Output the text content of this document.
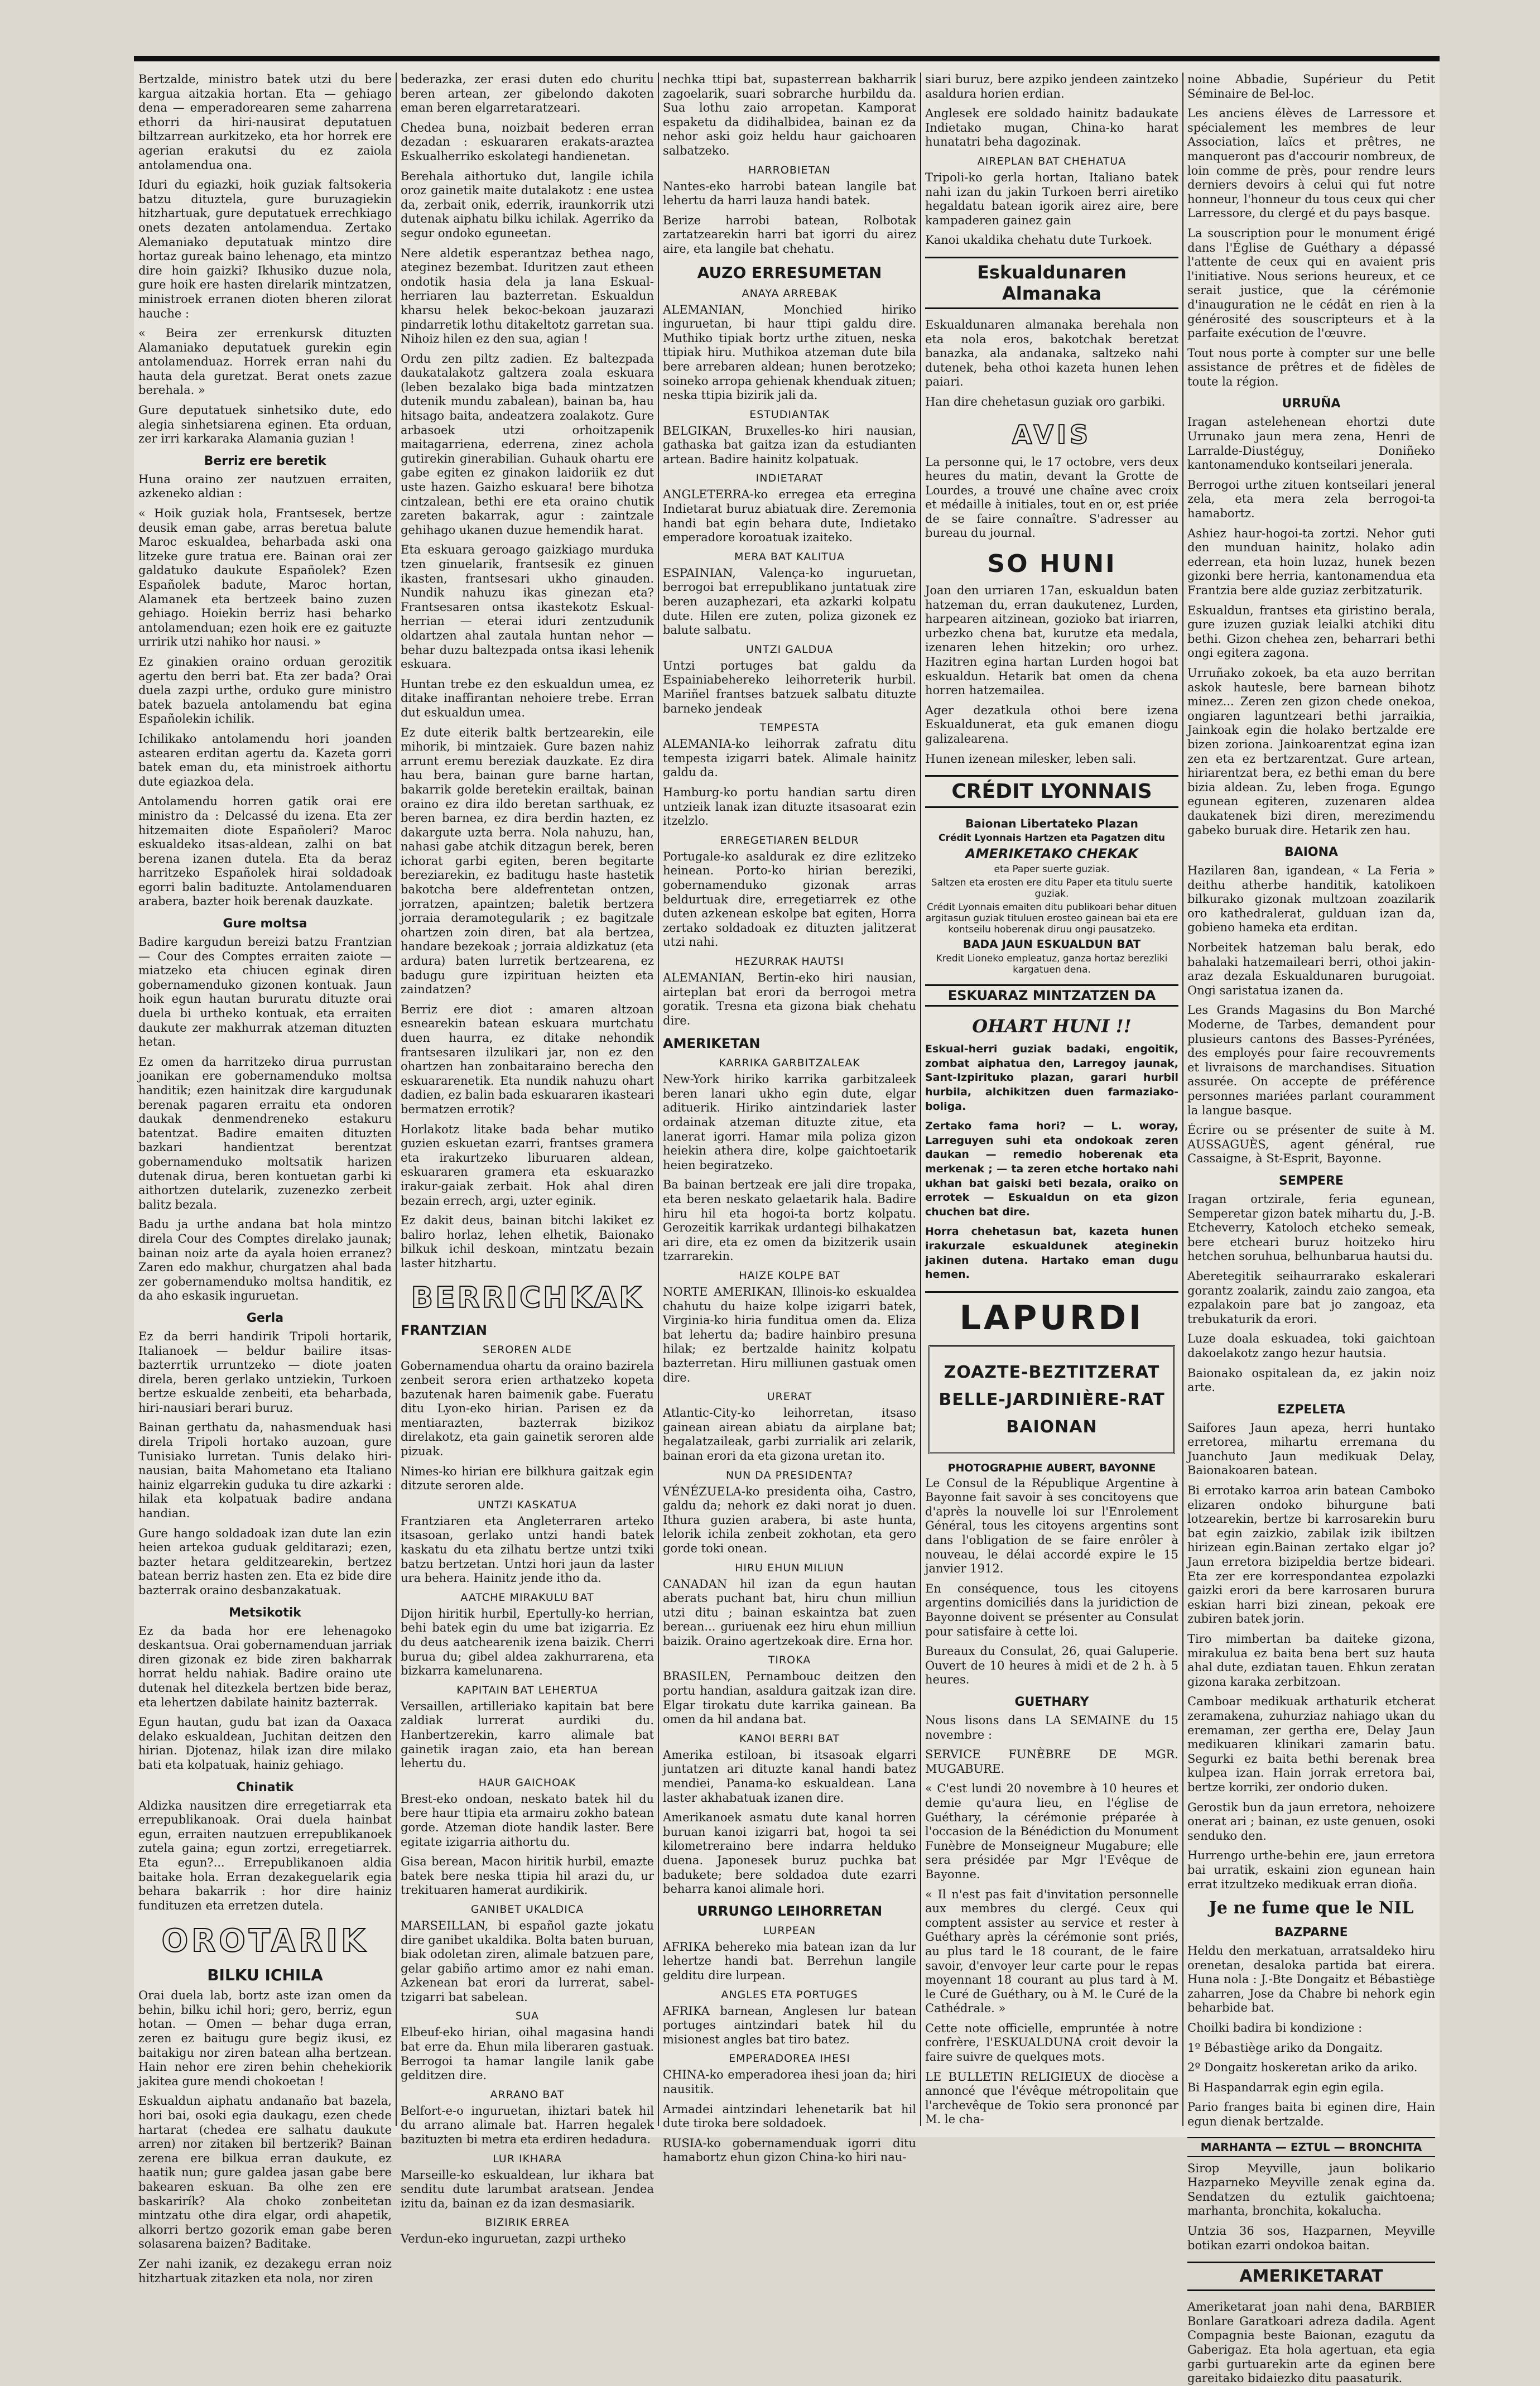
Bertzalde, ministro batek utzi du bere kargua aitzakia hortan. Eta — gehiago dena — emperadorearen seme zaharrena ethorri da hiri-nausirat deputatuen biltzarrean aurkitzeko, eta hor horrek ere agerian erakutsi du ez zaiola antolamendua ona.

Iduri du egiazki, hoik guziak faltsokeria batzu dituztela, gure buruzagiekin hitzhartuak, gure deputatuek errechkiago onets dezaten antolamendua. Zertako Alemaniako deputatuak mintzo dire hortaz gureak baino lehenago, eta mintzo dire hoin gaizki? Ikhusiko duzue nola, gure hoik ere hasten direlarik mintzatzen, ministroek erranen dioten bheren zilorat hauche :

« Beira zer errenkursk dituzten Alamaniako deputatuek gurekin egin antolamenduaz. Horrek erran nahi du hauta dela guretzat. Berat onets zazue berehala. »

Gure deputatuek sinhetsiko dute, edo alegia sinhetsiarena eginen. Eta orduan, zer irri karkaraka Alamania guzian !

Berriz ere beretik

Huna oraino zer nautzuen erraiten, azkeneko aldian :

« Hoik guziak hola, Frantsesek, bertze deusik eman gabe, arras beretua balute Maroc eskualdea, beharbada aski ona litzeke gure tratua ere. Bainan orai zer galdatuko daukute Españolek? Ezen Españolek badute, Maroc hortan, Alamanek eta bertzeek baino zuzen gehiago. Hoiekin berriz hasi beharko antolamenduan; ezen hoik ere ez gaituzte urririk utzi nahiko hor nausi. »

Ez ginakien oraino orduan gerozitik agertu den berri bat. Eta zer bada? Orai duela zazpi urthe, orduko gure ministro batek bazuela antolamendu bat egina Españolekin ichilik.

Ichilikako antolamendu hori joanden astearen erditan agertu da. Kazeta gorri batek eman du, eta ministroek aithortu dute egiazkoa dela.

Antolamendu horren gatik orai ere ministro da : Delcassé du izena. Eta zer hitzemaiten diote Españoleri? Maroc eskualdeko itsas-aldean, zalhi on bat berena izanen dutela. Eta da beraz harritzeko Españolek hirai soldadoak egorri balin badituzte. Antolamenduaren arabera, bazter hoik berenak dauzkate.

Gure moltsa

Badire kargudun bereizi batzu Frantzian — Cour des Comptes erraiten zaiote — miatzeko eta chiucen eginak diren gobernamenduko gizonen kontuak. Jaun hoik egun hautan bururatu dituzte orai duela bi urtheko kontuak, eta erraiten daukute zer makhurrak atzeman dituzten hetan.

Ez omen da harritzeko dirua purrustan joanikan ere gobernamenduko moltsa handitik; ezen hainitzak dire kargudunak berenak pagaren erraitu eta ondoren daukak denmendreneko estakuru batentzat. Badire emaiten dituzten bazkari handientzat berentzat gobernamenduko moltsatik harizen dutenak dirua, beren kontuetan garbi ki aithortzen dutelarik, zuzenezko zerbeit balitz bezala.

Badu ja urthe andana bat hola mintzo direla Cour des Comptes direlako jaunak; bainan noiz arte da ayala hoien erranez? Zaren edo makhur, churgatzen ahal bada zer gobernamenduko moltsa handitik, ez da aho eskasik inguruetan.

Gerla

Ez da berri handirik Tripoli hortarik, Italianoek — beldur bailire itsas-bazterrtik urruntzeko — diote joaten direla, beren gerlako untziekin, Turkoen bertze eskualde zenbeiti, eta beharbada, hiri-nausiari berari buruz.

Bainan gerthatu da, nahasmenduak hasi direla Tripoli hortako auzoan, gure Tunisiako lurretan. Tunis delako hiri-nausian, baita Mahometano eta Italiano hainiz elgarrekin guduka tu dire azkarki : hilak eta kolpatuak badire andana handian.

Gure hango soldadoak izan dute lan ezin heien artekoa guduak gelditarazi; ezen, bazter hetara gelditzearekin, bertzez batean berriz hasten zen. Eta ez bide dire bazterrak oraino desbanzakatuak.

Metsikotik

Ez da bada hor ere lehenagoko deskantsua. Orai gobernamenduan jarriak diren gizonak ez bide ziren bakharrak horrat heldu nahiak. Badire oraino ute dutenak hel ditezkela bertzen bide beraz, eta lehertzen dabilate hainitz bazterrak.

Egun hautan, gudu bat izan da Oaxaca delako eskualdean, Juchitan deitzen den hirian. Djotenaz, hilak izan dire milako bati eta kolpatuak, hainiz gehiago.

Chinatik

Aldizka nausitzen dire erregetiarrak eta errepublikanoak. Orai duela hainbat egun, erraiten nautzuen errepublikanoek zutela gaina; egun zortzi, erregetiarrek. Eta egun?... Errepublikanoen aldia baitake hola. Erran dezakeguelarik egia behara bakarrik : hor dire hainiz fundituzen eta erretzen dutela.

OROTARIK
BILKU ICHILA

Orai duela lab, bortz aste izan omen da behin, bilku ichil hori; gero, berriz, egun hotan. — Omen — behar duga erran, zeren ez baitugu gure begiz ikusi, ez baitakigu nor ziren batean alha bertzean. Hain nehor ere ziren behin chehekiorik jakitea gure mendi chokoetan !

Eskualdun aiphatu andanaño bat bazela, hori bai, osoki egia daukagu, ezen chede hartarat (chedea ere salhatu daukute arren) nor zitaken bil bertzerik? Bainan zerena ere bilkua erran daukute, ez haatik nun; gure galdea jasan gabe bere bakearen eskuan. Ba olhe zen ere baskarirík? Ala choko zonbeitetan mintzatu othe dira elgar, ordi ahapetik, alkorri bertzo gozorik eman gabe beren solasarena baizen? Baditake.

Zer nahi izanik, ez dezakegu erran noiz hitzhartuak zitazken eta nola, nor ziren

bederazka, zer erasi duten edo churitu beren artean, zer gibelondo dakoten eman beren elgarretaratzeari.

Chedea buna, noizbait bederen erran dezadan : eskuararen erakats-araztea Eskualherriko eskolategi handienetan.

Berehala aithortuko dut, langile ichila oroz gainetik maite dutalakotz : ene ustea da, zerbait onik, ederrik, iraunkorrik utzi dutenak aiphatu bilku ichilak. Agerriko da segur ondoko eguneetan.

Nere aldetik esperantzaz bethea nago, ateginez bezembat. Iduritzen zaut etheen ondotik hasia dela ja lana Eskual-herriaren lau bazterretan. Eskualdun kharsu helek bekoc-bekoan jauzarazi pindarretik lothu ditakeltotz garretan sua. Nihoiz hilen ez den sua, agian !

Ordu zen piltz zadien. Ez baltezpada daukatalakotz galtzera zoala eskuara (leben bezalako biga bada mintzatzen dutenik mundu zabalean), bainan ba, hau hitsago baita, andeatzera zoalakotz. Gure arbasoek utzi orhoitzapenik maitagarriena, ederrena, zinez achola gutirekin ginerabilian. Guhauk ohartu ere gabe egiten ez ginakon laidoriik ez dut uste hazen. Gaizho eskuara! bere bihotza cintzalean, bethi ere eta oraino chutik zareten bakarrak, agur : zaintzale gehihago ukanen duzue hemendik harat.

Eta eskuara geroago gaizkiago murduka tzen ginuelarik, frantsesik ez ginuen ikasten, frantsesari ukho ginauden. Nundik nahuzu ikas ginezan eta? Frantsesaren ontsa ikastekotz Eskual-herrian — eterai iduri zentzudunik oldartzen ahal zautala huntan nehor — behar duzu baltezpada ontsa ikasi lehenik eskuara.

Huntan trebe ez den eskualdun umea, ez ditake inaffirantan nehoiere trebe. Erran dut eskualdun umea.

Ez dute eiterik baltk bertzearekin, eile mihorik, bi mintzaiek. Gure bazen nahiz arrunt eremu bereziak dauzkate. Ez dira hau bera, bainan gure barne hartan, bakarrik golde beretekin erailtak, bainan oraino ez dira ildo beretan sarthuak, ez beren barnea, ez dira berdin hazten, ez dakargute uzta berra. Nola nahuzu, han, nahasi gabe atchik ditzagun berek, beren ichorat garbi egiten, beren begitarte bereziarekin, ez baditugu haste hastetik bakotcha bere aldefrentetan ontzen, jorratzen, apaintzen; baletik bertzera jorraia deramotegularik ; ez bagitzale ohartzen zoin diren, bat ala bertzea, handare bezekoak ; jorraia aldizkatuz (eta ardura) baten lurretik bertzearena, ez badugu gure izpirituan heizten eta zaindatzen?

Berriz ere diot : amaren altzoan esnearekin batean eskuara murtchatu duen haurra, ez ditake nehondik frantsesaren ilzulikari jar, non ez den ohartzen han zonbaitaraino berecha den eskuararenetik. Eta nundik nahuzu ohart dadien, ez balin bada eskuararen ikasteari bermatzen errotik?

Horlakotz litake bada behar mutiko guzien eskuetan ezarri, frantses gramera eta irakurtzeko liburuaren aldean, eskuararen gramera eta eskuarazko irakur-gaiak zerbait. Hok ahal diren bezain errech, argi, uzter eginik.

Ez dakit deus, bainan bitchi lakiket ez baliro horlaz, lehen elhetik, Baionako bilkuk ichil deskoan, mintzatu bezain laster hitzhartu.

BERRICHKAK
FRANTZIAN
SEROREN ALDE

Gobernamendua ohartu da oraino bazirela zenbeit serora erien arthatzeko kopeta bazutenak haren baimenik gabe. Fueratu ditu Lyon-eko hirian. Parisen ez da mentiarazten, bazterrak bizikoz direlakotz, eta gain gainetik seroren alde pizuak.

Nimes-ko hirian ere bilkhura gaitzak egin ditzute seroren alde.

UNTZI KASKATUA

Frantziaren eta Angleterraren arteko itsasoan, gerlako untzi handi batek kaskatu du eta zilhatu bertze untzi txiki batzu bertzetan. Untzi hori jaun da laster ura behera. Hainitz jende itho da.

AATCHE MIRAKULU BAT

Dijon hiritik hurbil, Epertully-ko herrian, behi batek egin du ume bat izigarria. Ez du deus aatchearenik izena baizik. Cherri burua du; gibel aldea zakhurrarena, eta bizkarra kamelunarena.

KAPITAIN BAT LEHERTUA

Versaillen, artilleriako kapitain bat bere zaldiak lurrerat aurdiki du. Hanbertzerekin, karro alimale bat gainetik iragan zaio, eta han berean lehertu du.

HAUR GAICHOAK

Brest-eko ondoan, neskato batek hil du bere haur ttipia eta armairu zokho batean gorde. Atzeman diote handik laster. Bere egitate izigarria aithortu du.

Gisa berean, Macon hiritik hurbil, emazte batek bere neska ttipia hil arazi du, ur trekituaren hamerat aurdikirik.

GANIBET UKALDICA

MARSEILLAN, bi español gazte jokatu dire ganibet ukaldika. Bolta baten buruan, biak odoletan ziren, alimale batzuen pare, gelar gabiño artimo amor ez nahi eman. Azkenean bat erori da lurrerat, sabel-tzigarri bat sabelean.

SUA

Elbeuf-eko hirian, oihal magasina handi bat erre da. Ehun mila liberaren gastuak. Berrogoi ta hamar langile lanik gabe gelditzen dire.

ARRANO BAT

Belfort-e-o inguruetan, ihiztari batek hil du arrano alimale bat. Harren hegalek bazituzten bi metra eta erdiren hedadura.

LUR IKHARA

Marseille-ko eskualdean, lur ikhara bat senditu dute larumbat aratsean. Jendea izitu da, bainan ez da izan desmasiarik.

BIZIRIK ERREA

Verdun-eko inguruetan, zazpi urtheko

nechka ttipi bat, supasterrean bakharrik zagoelarik, suari sobrarche hurbildu da. Sua lothu zaio arropetan. Kamporat espaketu da didihalbidea, bainan ez da nehor aski goiz heldu haur gaichoaren salbatzeko.

HARROBIETAN

Nantes-eko harrobi batean langile bat lehertu da harri lauza handi batek.

Berize harrobi batean, Rolbotak zartatzearekin harri bat igorri du airez aire, eta langile bat chehatu.

AUZO ERRESUMETAN
ANAYA ARREBAK

ALEMANIAN, Monchied hiriko inguruetan, bi haur ttipi galdu dire. Muthiko tipiak bortz urthe zituen, neska ttipiak hiru. Muthikoa atzeman dute bila bere arrebaren aldean; hunen berotzeko; soineko arropa gehienak khenduak zituen; neska ttipia bizirik jali da.

ESTUDIANTAK

BELGIKAN, Bruxelles-ko hiri nausian, gathaska bat gaitza izan da estudianten artean. Badire hainitz kolpatuak.

INDIETARAT

ANGLETERRA-ko erregea eta erregina Indietarat buruz abiatuak dire. Zeremonia handi bat egin behara dute, Indietako emperadore koroatuak izaiteko.

MERA BAT KALITUA

ESPAINIAN, Valença-ko inguruetan, berrogoi bat errepublikano juntatuak zire beren auzaphezari, eta azkarki kolpatu dute. Hilen ere zuten, poliza gizonek ez balute salbatu.

UNTZI GALDUA

Untzi portuges bat galdu da Espainiabehereko leihorreterik hurbil. Mariñel frantses batzuek salbatu dituzte barneko jendeak

TEMPESTA

ALEMANIA-ko leihorrak zafratu ditu tempesta izigarri batek. Alimale hainitz galdu da.

Hamburg-ko portu handian sartu diren untzieik lanak izan dituzte itsasoarat ezin itzelzlo.

ERREGETIAREN BELDUR

Portugale-ko asaldurak ez dire ezlitzeko heinean. Porto-ko hirian bereziki, gobernamenduko gizonak arras beldurtuak dire, erregetiarrek ez othe duten azkenean eskolpe bat egiten, Horra zertako soldadoak ez dituzten jalitzerat utzi nahi.

HEZURRAK HAUTSI

ALEMANIAN, Bertin-eko hiri nausian, airteplan bat erori da berrogoi metra goratik. Tresna eta gizona biak chehatu dire.

AMERIKETAN
KARRIKA GARBITZALEAK

New-York hiriko karrika garbitzaleek beren lanari ukho egin dute, elgar adituerik. Hiriko aintzindariek laster ordainak atzeman dituzte zitue, eta lanerat igorri. Hamar mila poliza gizon heiekin athera dire, kolpe gaichtoetarik heien begiratzeko.

Ba bainan bertzeak ere jali dire tropaka, eta beren neskato gelaetarik hala. Badire hiru hil eta hogoi-ta bortz kolpatu. Gerozeitik karrikak urdantegi bilhakatzen ari dire, eta ez omen da bizitzerik usain tzarrarekin.

HAIZE KOLPE BAT

NORTE AMERIKAN, Illinois-ko eskualdea chahutu du haize kolpe izigarri batek, Virginia-ko hiria funditua omen da. Eliza bat lehertu da; badire hainbiro presuna hilak; ez bertzalde hainitz kolpatu bazterretan. Hiru milliunen gastuak omen dire.

URERAT

Atlantic-City-ko leihorretan, itsaso gainean airean abiatu da airplane bat; hegalatzaileak, garbi zurrialik ari zelarik, bainan erori da eta gizona uretan ito.

NUN DA PRESIDENTA?

VÉNÉZUELA-ko presidenta oiha, Castro, galdu da; nehork ez daki norat jo duen. Ithura guzien arabera, bi aste hunta, lelorik ichila zenbeit zokhotan, eta gero gorde toki onean.

HIRU EHUN MILIUN

CANADAN hil izan da egun hautan aberats puchant bat, hiru chun milliun utzi ditu ; bainan eskaintza bat zuen berean... guriuenak eez hiru ehun milliun baizik. Oraino agertzekoak dire. Erna hor.

TIROKA

BRASILEN, Pernambouc deitzen den portu handian, asaldura gaitzak izan dire. Elgar tirokatu dute karrika gainean. Ba omen da hil andana bat.

KANOI BERRI BAT

Amerika estiloan, bi itsasoak elgarri juntatzen ari dituzte kanal handi batez mendiei, Panama-ko eskualdean. Lana laster akhabatuak izanen dire.

Amerikanoek asmatu dute kanal horren buruan kanoi izigarri bat, hogoi ta sei kilometreraino bere indarra helduko duena. Japonesek buruz puchka bat badukete; bere soldadoa dute ezarri beharra kanoi alimale hori.

URRUNGO LEIHORRETAN
LURPEAN

AFRIKA behereko mia batean izan da lur lehertze handi bat. Berrehun langile gelditu dire lurpean.

ANGLES ETA PORTUGES

AFRIKA barnean, Anglesen lur batean portuges aintzindari batek hil du misionest angles bat tiro batez.

EMPERADOREA IHESI

CHINA-ko emperadorea ihesi joan da; hiri nausitik.

Armadei aintzindari lehenetarik bat hil dute tiroka bere soldadoek.

RUSIA-ko gobernamenduak igorri ditu hamabortz ehun gizon China-ko hiri nau-

siari buruz, bere azpiko jendeen zaintzeko asaldura horien erdian.

Anglesek ere soldado hainitz badaukate Indietako mugan, China-ko harat hunatatri beha dagozinak.

AIREPLAN BAT CHEHATUA

Tripoli-ko gerla hortan, Italiano batek nahi izan du jakin Turkoen berri airetiko hegaldatu batean igorik airez aire, bere kampaderen gainez gain

Kanoi ukaldika chehatu dute Turkoek.

Eskualdunaren Almanaka

Eskualdunaren almanaka berehala non eta nola eros, bakotchak beretzat banazka, ala andanaka, saltzeko nahi dutenek, beha othoi kazeta hunen lehen paiari.

Han dire chehetasun guziak oro garbiki.

AVIS

La personne qui, le 17 octobre, vers deux heures du matin, devant la Grotte de Lourdes, a trouvé une chaîne avec croix et médaille à initiales, tout en or, est priée de se faire connaître. S'adresser au bureau du journal.

SO HUNI

Joan den urriaren 17an, eskualdun baten hatzeman du, erran daukutenez, Lurden, harpearen aitzinean, gozioko bat iriarren, urbezko chena bat, kurutze eta medala, izenaren lehen hitzekin; oro urhez. Hazitren egina hartan Lurden hogoi bat eskualdun. Hetarik bat omen da chena horren hatzemailea.

Ager dezatkula othoi bere izena Eskualdunerat, eta guk emanen diogu galizalearena.

Hunen izenean milesker, leben sali.

CRÉDIT LYONNAIS
Baionan Libertateko Plazan
Crédit Lyonnais Hartzen eta Pagatzen ditu
AMERIKETAKO CHEKAK
eta Paper suerte guziak.
Saltzen eta erosten ere ditu Paper eta titulu suerte guziak.
Crédit Lyonnais emaiten ditu publikoari behar dituen argitasun guziak tituluen erosteo gainean bai eta ere kontseilu hoberenak diruu ongi pausatzeko.
BADA JAUN ESKUALDUN BAT
Kredit Lioneko empleatuz, ganza hortaz berezliki kargatuen dena.
ESKUARAZ MINTZATZEN DA
OHART HUNI !!

Eskual-herri guziak badaki, engoitik, zombat aiphatua den, Larregoy jaunak, Sant-Izpirituko plazan, garari hurbil hurbila, alchikitzen duen farmaziako-boliga.

Zertako fama hori? — L. woray, Larreguyen suhi eta ondokoak zeren daukan — remedio hoberenak eta merkenak ; — ta zeren etche hortako nahi ukhan bat gaiski beti bezala, oraiko on errotek — Eskualdun on eta gizon chuchen bat dire.

Horra chehetasun bat, kazeta hunen irakurzale eskualdunek ateginekin jakinen dutena. Hartako eman dugu hemen.

LAPURDI
ZOAZTE-BEZTITZERAT
BELLE-JARDINIÈRE-RAT
BAIONAN
PHOTOGRAPHIE AUBERT, BAYONNE

Le Consul de la République Argentine à Bayonne fait savoir à ses concitoyens que d'après la nouvelle loi sur l'Enrolement Général, tous les citoyens argentins sont dans l'obligation de se faire enrôler à nouveau, le délai accordé expire le 15 janvier 1912.

En conséquence, tous les citoyens argentins domiciliés dans la juridiction de Bayonne doivent se présenter au Consulat pour satisfaire à cette loi.

Bureaux du Consulat, 26, quai Galuperie. Ouvert de 10 heures à midi et de 2 h. à 5 heures.

GUETHARY

Nous lisons dans LA SEMAINE du 15 novembre :

SERVICE FUNÈBRE DE MGR. MUGABURE.

« C'est lundi 20 novembre à 10 heures et demie qu'aura lieu, en l'église de Guéthary, la cérémonie préparée à l'occasion de la Bénédiction du Monument Funèbre de Monseigneur Mugabure; elle sera présidée par Mgr l'Evêque de Bayonne.

« Il n'est pas fait d'invitation personnelle aux membres du clergé. Ceux qui comptent assister au service et rester à Guéthary après la cérémonie sont priés, au plus tard le 18 courant, de le faire savoir, d'envoyer leur carte pour le repas moyennant 18 courant au plus tard à M. le Curé de Guéthary, ou à M. le Curé de la Cathédrale. »

Cette note officielle, empruntée à notre confrère, l'ESKUALDUNA croit devoir la faire suivre de quelques mots.

LE BULLETIN RELIGIEUX de diocèse a annoncé que l'évêque métropolitain que l'archevêque de Tokio sera prononcé par M. le cha-

noine Abbadie, Supérieur du Petit Séminaire de Bel-loc.

Les anciens élèves de Larressore et spécialement les membres de leur Association, laïcs et prêtres, ne manqueront pas d'accourir nombreux, de loin comme de près, pour rendre leurs derniers devoirs à celui qui fut notre honneur, l'honneur du tous ceux qui cher Larressore, du clergé et du pays basque.

La souscription pour le monument érigé dans l'Église de Guéthary a dépassé l'attente de ceux qui en avaient pris l'initiative. Nous serions heureux, et ce serait justice, que la cérémonie d'inauguration ne le cédât en rien à la générosité des souscripteurs et à la parfaite exécution de l'œuvre.

Tout nous porte à compter sur une belle assistance de prêtres et de fidèles de toute la région.

URRUÑA

Iragan astelehenean ehortzi dute Urrunako jaun mera zena, Henri de Larralde-Diustéguy, Doniñeko kantonamenduko kontseilari jenerala.

Berrogoi urthe zituen kontseilari jeneral zela, eta mera zela berrogoi-ta hamabortz.

Ashiez haur-hogoi-ta zortzi. Nehor guti den munduan hainitz, holako adin ederrean, eta hoin luzaz, hunek bezen gizonki bere herria, kantonamendua eta Frantzia bere alde guziaz zerbitzaturik.

Eskualdun, frantses eta giristino berala, gure izuzen guziak leialki atchiki ditu bethi. Gizon chehea zen, beharrari bethi ongi egitera zagona.

Urruñako zokoek, ba eta auzo berritan askok hautesle, bere barnean bihotz minez... Zeren zen gizon chede onekoa, ongiaren laguntzeari bethi jarraikia, Jainkoak egin die holako bertzalde ere bizen zoriona. Jainkoarentzat egina izan zen eta ez bertzarentzat. Gure artean, hiriarentzat bera, ez bethi eman du bere bizia aldean. Zu, leben froga. Egungo egunean egiteren, zuzenaren aldea daukatenek bizi diren, merezimendu gabeko buruak dire. Hetarik zen hau.

BAIONA

Hazilaren 8an, igandean, « La Feria » deithu atherbe handitik, katolikoen bilkurako gizonak multzoan zoazilarik oro kathedralerat, gulduan izan da, gobieno hameka eta erditan.

Norbeitek hatzeman balu berak, edo bahalaki hatzemaileari berri, othoi jakin-araz dezala Eskualdunaren burugoiat. Ongi saristatua izanen da.

Les Grands Magasins du Bon Marché Moderne, de Tarbes, demandent pour plusieurs cantons des Basses-Pyrénées, des employés pour faire recouvrements et livraisons de marchandises. Situation assurée. On accepte de préférence personnes mariées parlant couramment la langue basque.

Écrire ou se présenter de suite à M. AUSSAGUÈS, agent général, rue Cassaigne, à St-Esprit, Bayonne.

SEMPERE

Iragan ortzirale, feria egunean, Semperetar gizon batek mihartu du, J.-B. Etcheverry, Katoloch etcheko semeak, bere etcheari buruz hoitzeko hiru hetchen soruhua, belhunbarua hautsi du.

Aberetegitik seihaurrarako eskalerari gorantz zoalarik, zaindu zaio zangoa, eta ezpalakoin pare bat jo zangoaz, eta trebukaturik da erori.

Luze doala eskuadea, toki gaichtoan dakoelakotz zango hezur hautsia.

Baionako ospitalean da, ez jakin noiz arte.

EZPELETA

Saifores Jaun apeza, herri huntako erretorea, mihartu erremana du Juanchuto Jaun medikuak Delay, Baionakoaren batean.

Bi errotako karroa arin batean Camboko elizaren ondoko bihurgune bati lotzearekin, bertze bi karrosarekin buru bat egin zaizkio, zabilak izik ibiltzen hirizean egin.Bainan zertako elgar jo? Jaun erretora bizipeldia bertze bideari. Eta zer ere korrespondantea ezpolazki gaizki erori da bere karrosaren burura eskian harri bizi zinean, pekoak ere zubiren batek jorin.

Tiro mimbertan ba daiteke gizona, mirakulua ez baita bena bert suz hauta ahal dute, ezdiatan tauen. Ehkun zeratan gizona karaka zerbitzoan.

Camboar medikuak arthaturik etcherat zeramakena, zuhurziaz nahiago ukan du eremaman, zer gertha ere, Delay Jaun medikuaren klinikari zamarin batu. Segurki ez baita bethi berenak brea kulpea izan. Hain jorrak erretora bai, bertze korriki, zer ondorio duken.

Gerostik bun da jaun erretora, nehoizere onerat ari ; bainan, ez uste genuen, osoki senduko den.

Hurrengo urthe-behin ere, jaun erretora bai urratik, eskaini zion egunean hain errat itzultzeko medikuak erran dioña.

Je ne fume que le NIL
BAZPARNE

Heldu den merkatuan, arratsaldeko hiru orenetan, desaloka partida bat eirera. Huna nola : J.-Bte Dongaitz et Bébastiège zaharren, Jose da Chabre bi nehork egin beharbide bat.

Choilki badira bi kondizione :

1º Bébastiège ariko da Dongaitz.

2º Dongaitz hoskeretan ariko da ariko.

Bi Haspandarrak egin egin egila.

Pario franges baita bi eginen dire, Hain egun dienak bertzalde.

MARHANTA — EZTUL — BRONCHITA

Sirop Meyville, jaun bolikario Hazparneko Meyville zenak egina da. Sendatzen du eztulik gaichtoena; marhanta, bronchita, kokalucha.

Untzia 36 sos, Hazparnen, Meyville botikan ezarri ondokoa baitan.

AMERIKETARAT

Ameriketarat joan nahi dena, BARBIER Bonlare Garatkoari adreza dadila. Agent Compagnia beste Baionan, ezagutu da Gaberigaz. Eta hola agertuan, eta egia garbi gurtuarekin arte da eginen bere gareitako bidaiezko ditu paasaturik.
